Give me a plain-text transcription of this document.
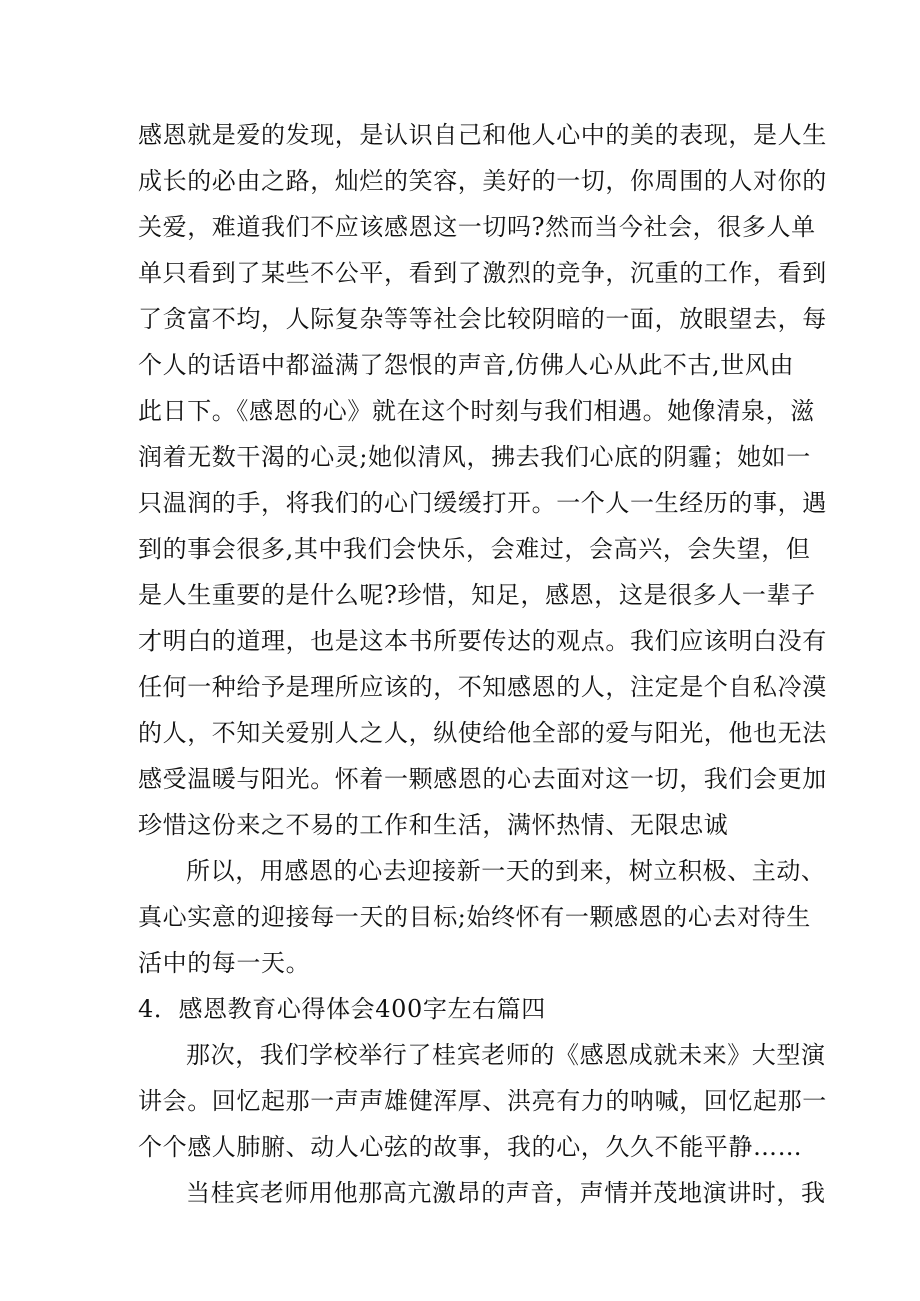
感恩就是爱的发现，是认识自己和他人心中的美的表现，是人生
成长的必由之路，灿烂的笑容，美好的一切，你周围的人对你的
关爱，难道我们不应该感恩这一切吗?然而当今社会，很多人单
单只看到了某些不公平，看到了激烈的竞争，沉重的工作，看到
了贪富不均，人际复杂等等社会比较阴暗的一面，放眼望去，每
个人的话语中都溢满了怨恨的声音,仿佛人心从此不古,世风由
此日下。《感恩的心》就在这个时刻与我们相遇。她像清泉，滋
润着无数干渴的心灵;她似清风，拂去我们心底的阴霾；她如一
只温润的手，将我们的心门缓缓打开。一个人一生经历的事，遇
到的事会很多,其中我们会快乐，会难过，会高兴，会失望，但
是人生重要的是什么呢?珍惜，知足，感恩，这是很多人一辈子
才明白的道理，也是这本书所要传达的观点。我们应该明白没有
任何一种给予是理所应该的，不知感恩的人，注定是个自私冷漠
的人，不知关爱别人之人，纵使给他全部的爱与阳光，他也无法
感受温暖与阳光。怀着一颗感恩的心去面对这一切，我们会更加
珍惜这份来之不易的工作和生活，满怀热情、无限忠诚
所以，用感恩的心去迎接新一天的到来，树立积极、主动、
真心实意的迎接每一天的目标;始终怀有一颗感恩的心去对待生
活中的每一天。
4．感恩教育心得体会400字左右篇四
那次，我们学校举行了桂宾老师的《感恩成就未来》大型演
讲会。回忆起那一声声雄健浑厚、洪亮有力的呐喊，回忆起那一
个个感人肺腑、动人心弦的故事，我的心，久久不能平静……
当桂宾老师用他那高亢激昂的声音，声情并茂地演讲时，我
